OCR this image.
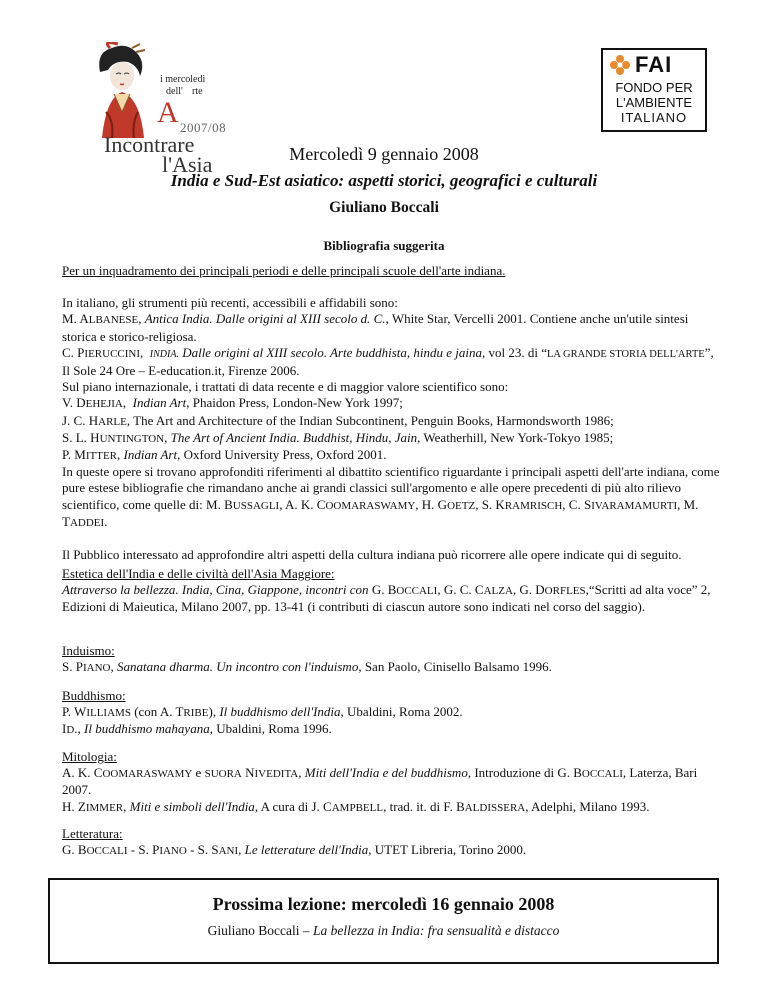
i mercoledì
dell' rte
A 2007/08
Incontrare
l'Asia
FAI
FONDO PER
L'AMBIENTE
ITALIANO
Mercoledì 9 gennaio 2008
India e Sud-Est asiatico: aspetti storici, geografici e culturali
Giuliano Boccali
Bibliografia suggerita

Per un inquadramento dei principali periodi e delle principali scuole dell'arte indiana.

In italiano, gli strumenti più recenti, accessibili e affidabili sono:

M. ALBANESE, Antica India. Dalle origini al XIII secolo d. C., White Star, Vercelli 2001. Contiene anche un'utile sintesi storica e storico-religiosa.

C. PIERUCCINI,  INDIA. Dalle origini al XIII secolo. Arte buddhista, hindu e jaina, vol 23. di “LA GRANDE STORIA DELL'ARTE”, Il Sole 24 Ore – E-education.it, Firenze 2006.

Sul piano internazionale, i trattati di data recente e di maggior valore scientifico sono:

V. DEHEJIA,  Indian Art, Phaidon Press, London-New York 1997;

J. C. HARLE, The Art and Architecture of the Indian Subcontinent, Penguin Books, Harmondsworth 1986;

S. L. HUNTINGTON, The Art of Ancient India. Buddhist, Hindu, Jain, Weatherhill, New York-Tokyo 1985;

P. MITTER, Indian Art, Oxford University Press, Oxford 2001.

In queste opere si trovano approfonditi riferimenti al dibattito scientifico riguardante i principali aspetti dell'arte indiana, come pure estese bibliografie che rimandano anche ai grandi classici sull'argomento e alle opere precedenti di più alto rilievo scientifico, come quelle di: M. BUSSAGLI, A. K. COOMARASWAMY, H. GOETZ, S. KRAMRISCH, C. SIVARAMAMURTI, M. TADDEI.

Il Pubblico interessato ad approfondire altri aspetti della cultura indiana può ricorrere alle opere indicate qui di seguito.

Estetica dell'India e delle civiltà dell'Asia Maggiore:

Attraverso la bellezza. India, Cina, Giappone, incontri con G. BOCCALI, G. C. CALZA, G. DORFLES,“Scritti ad alta voce” 2, Edizioni di Maieutica, Milano 2007, pp. 13-41 (i contributi di ciascun autore sono indicati nel corso del saggio).

Induismo:

S. PIANO, Sanatana dharma. Un incontro con l'induismo, San Paolo, Cinisello Balsamo 1996.

Buddhismo:

P. WILLIAMS (con A. TRIBE), Il buddhismo dell'India, Ubaldini, Roma 2002.

ID., Il buddhismo mahayana, Ubaldini, Roma 1996.

Mitologia:

A. K. COOMARASWAMY e SUORA NIVEDITA, Miti dell'India e del buddhismo, Introduzione di G. BOCCALI, Laterza, Bari 2007.

H. ZIMMER, Miti e simboli dell'India, A cura di J. CAMPBELL, trad. it. di F. BALDISSERA, Adelphi, Milano 1993.

Letteratura:

G. BOCCALI - S. PIANO - S. SANI, Le letterature dell'India, UTET Libreria, Torino 2000.

Prossima lezione: mercoledì 16 gennaio 2008
Giuliano Boccali – La bellezza in India: fra sensualità e distacco
